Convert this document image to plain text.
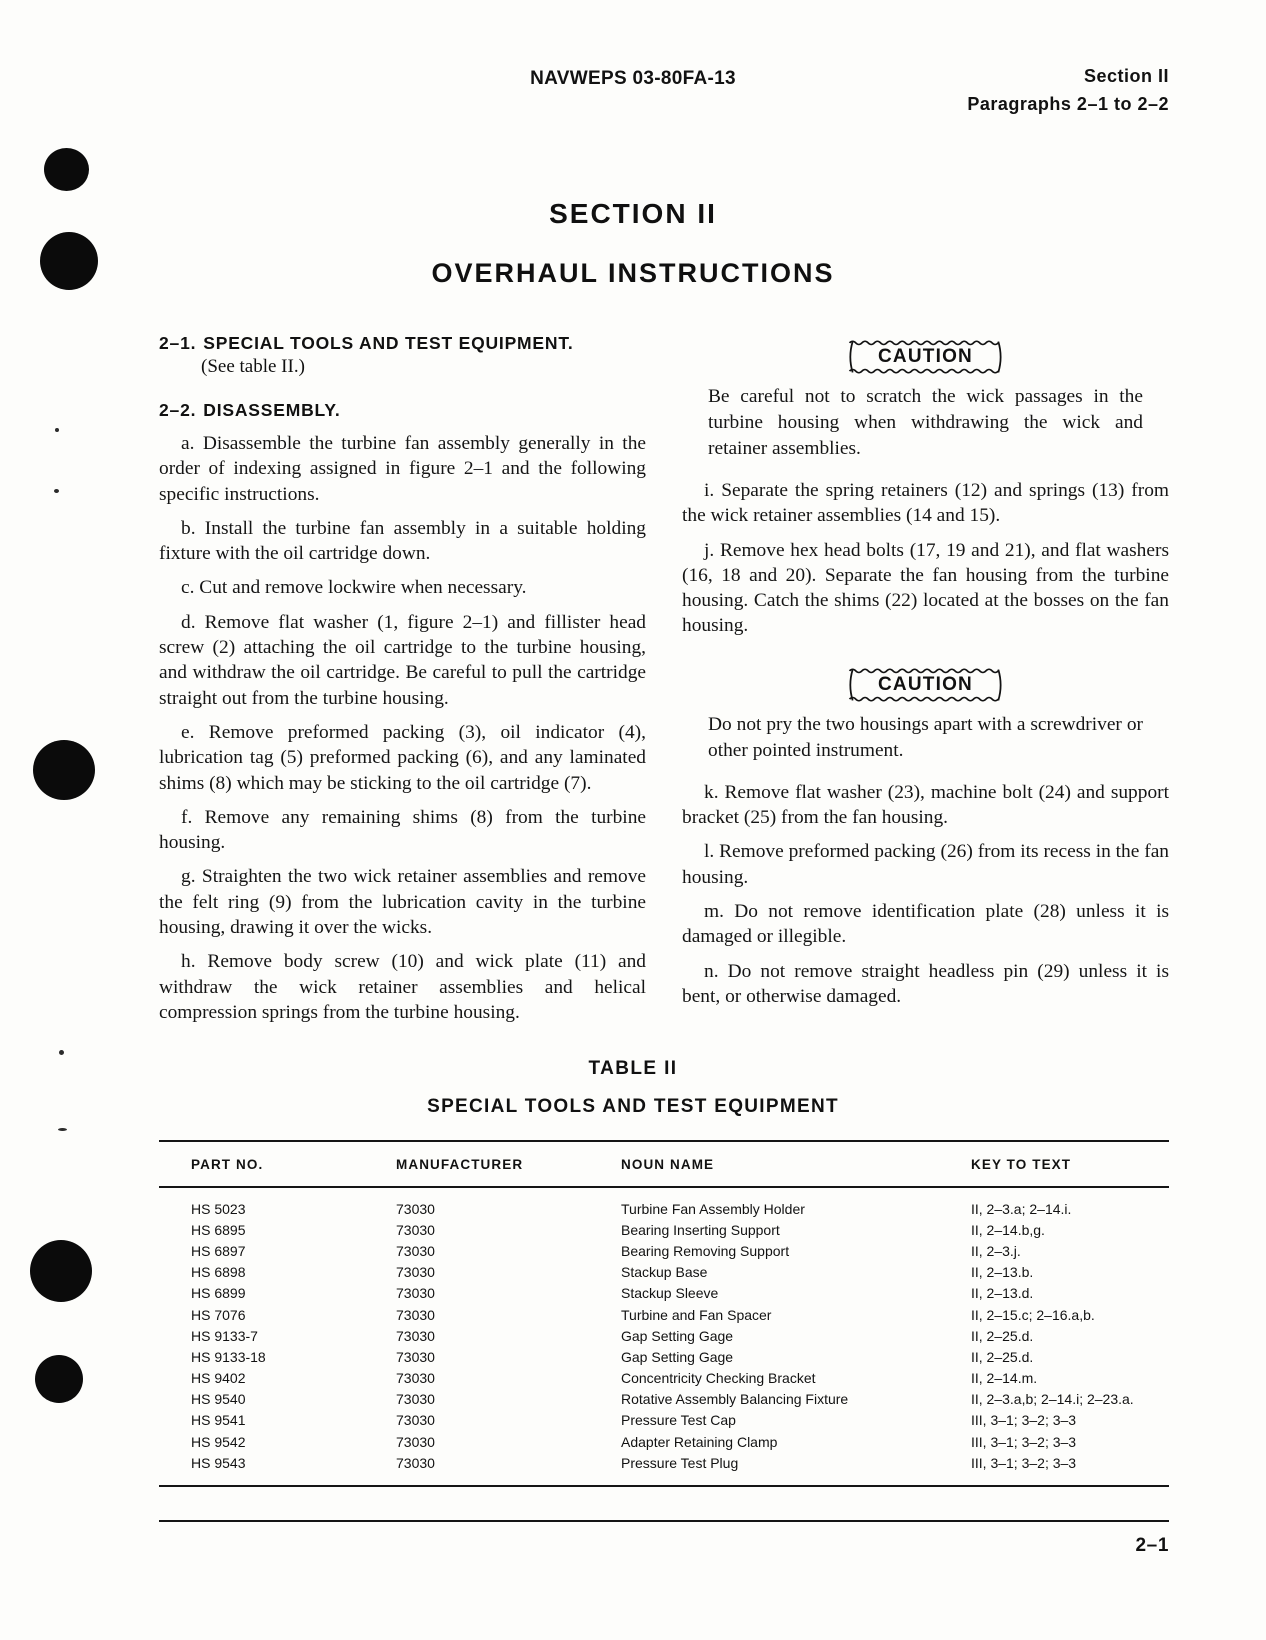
NAVWEPS 03-80FA-13	Section II
Paragraphs 2–1 to 2–2
SECTION II
OVERHAUL INSTRUCTIONS
2–1. SPECIAL TOOLS AND TEST EQUIPMENT.
(See table II.)
2–2. DISASSEMBLY.

a. Disassemble the turbine fan assembly generally in the order of indexing assigned in figure 2–1 and the following specific instructions.

b. Install the turbine fan assembly in a suitable holding fixture with the oil cartridge down.

c. Cut and remove lockwire when necessary.

d. Remove flat washer (1, figure 2–1) and fillister head screw (2) attaching the oil cartridge to the turbine housing, and withdraw the oil cartridge. Be careful to pull the cartridge straight out from the turbine housing.

e. Remove preformed packing (3), oil indicator (4), lubrication tag (5) preformed packing (6), and any laminated shims (8) which may be sticking to the oil cartridge (7).

f. Remove any remaining shims (8) from the turbine housing.

g. Straighten the two wick retainer assemblies and remove the felt ring (9) from the lubrication cavity in the turbine housing, drawing it over the wicks.

h. Remove body screw (10) and wick plate (11) and withdraw the wick retainer assemblies and helical compression springs from the turbine housing.

CAUTION
Be careful not to scratch the wick passages in the turbine housing when withdrawing the wick and retainer assemblies.

i. Separate the spring retainers (12) and springs (13) from the wick retainer assemblies (14 and 15).

j. Remove hex head bolts (17, 19 and 21), and flat washers (16, 18 and 20). Separate the fan housing from the turbine housing. Catch the shims (22) located at the bosses on the fan housing.

CAUTION
Do not pry the two housings apart with a screwdriver or other pointed instrument.

k. Remove flat washer (23), machine bolt (24) and support bracket (25) from the fan housing.

l. Remove preformed packing (26) from its recess in the fan housing.

m. Do not remove identification plate (28) unless it is damaged or illegible.

n. Do not remove straight headless pin (29) unless it is bent, or otherwise damaged.

TABLE II
SPECIAL TOOLS AND TEST EQUIPMENT
PART NO.	MANUFACTURER	NOUN NAME	KEY TO TEXT
HS 5023	73030	Turbine Fan Assembly Holder	II, 2–3.a; 2–14.i.
HS 6895	73030	Bearing Inserting Support	II, 2–14.b,g.
HS 6897	73030	Bearing Removing Support	II, 2–3.j.
HS 6898	73030	Stackup Base	II, 2–13.b.
HS 6899	73030	Stackup Sleeve	II, 2–13.d.
HS 7076	73030	Turbine and Fan Spacer	II, 2–15.c; 2–16.a,b.
HS 9133-7	73030	Gap Setting Gage	II, 2–25.d.
HS 9133-18	73030	Gap Setting Gage	II, 2–25.d.
HS 9402	73030	Concentricity Checking Bracket	II, 2–14.m.
HS 9540	73030	Rotative Assembly Balancing Fixture	II, 2–3.a,b; 2–14.i; 2–23.a.
HS 9541	73030	Pressure Test Cap	III, 3–1; 3–2; 3–3
HS 9542	73030	Adapter Retaining Clamp	III, 3–1; 3–2; 3–3
HS 9543	73030	Pressure Test Plug	III, 3–1; 3–2; 3–3
2–1
